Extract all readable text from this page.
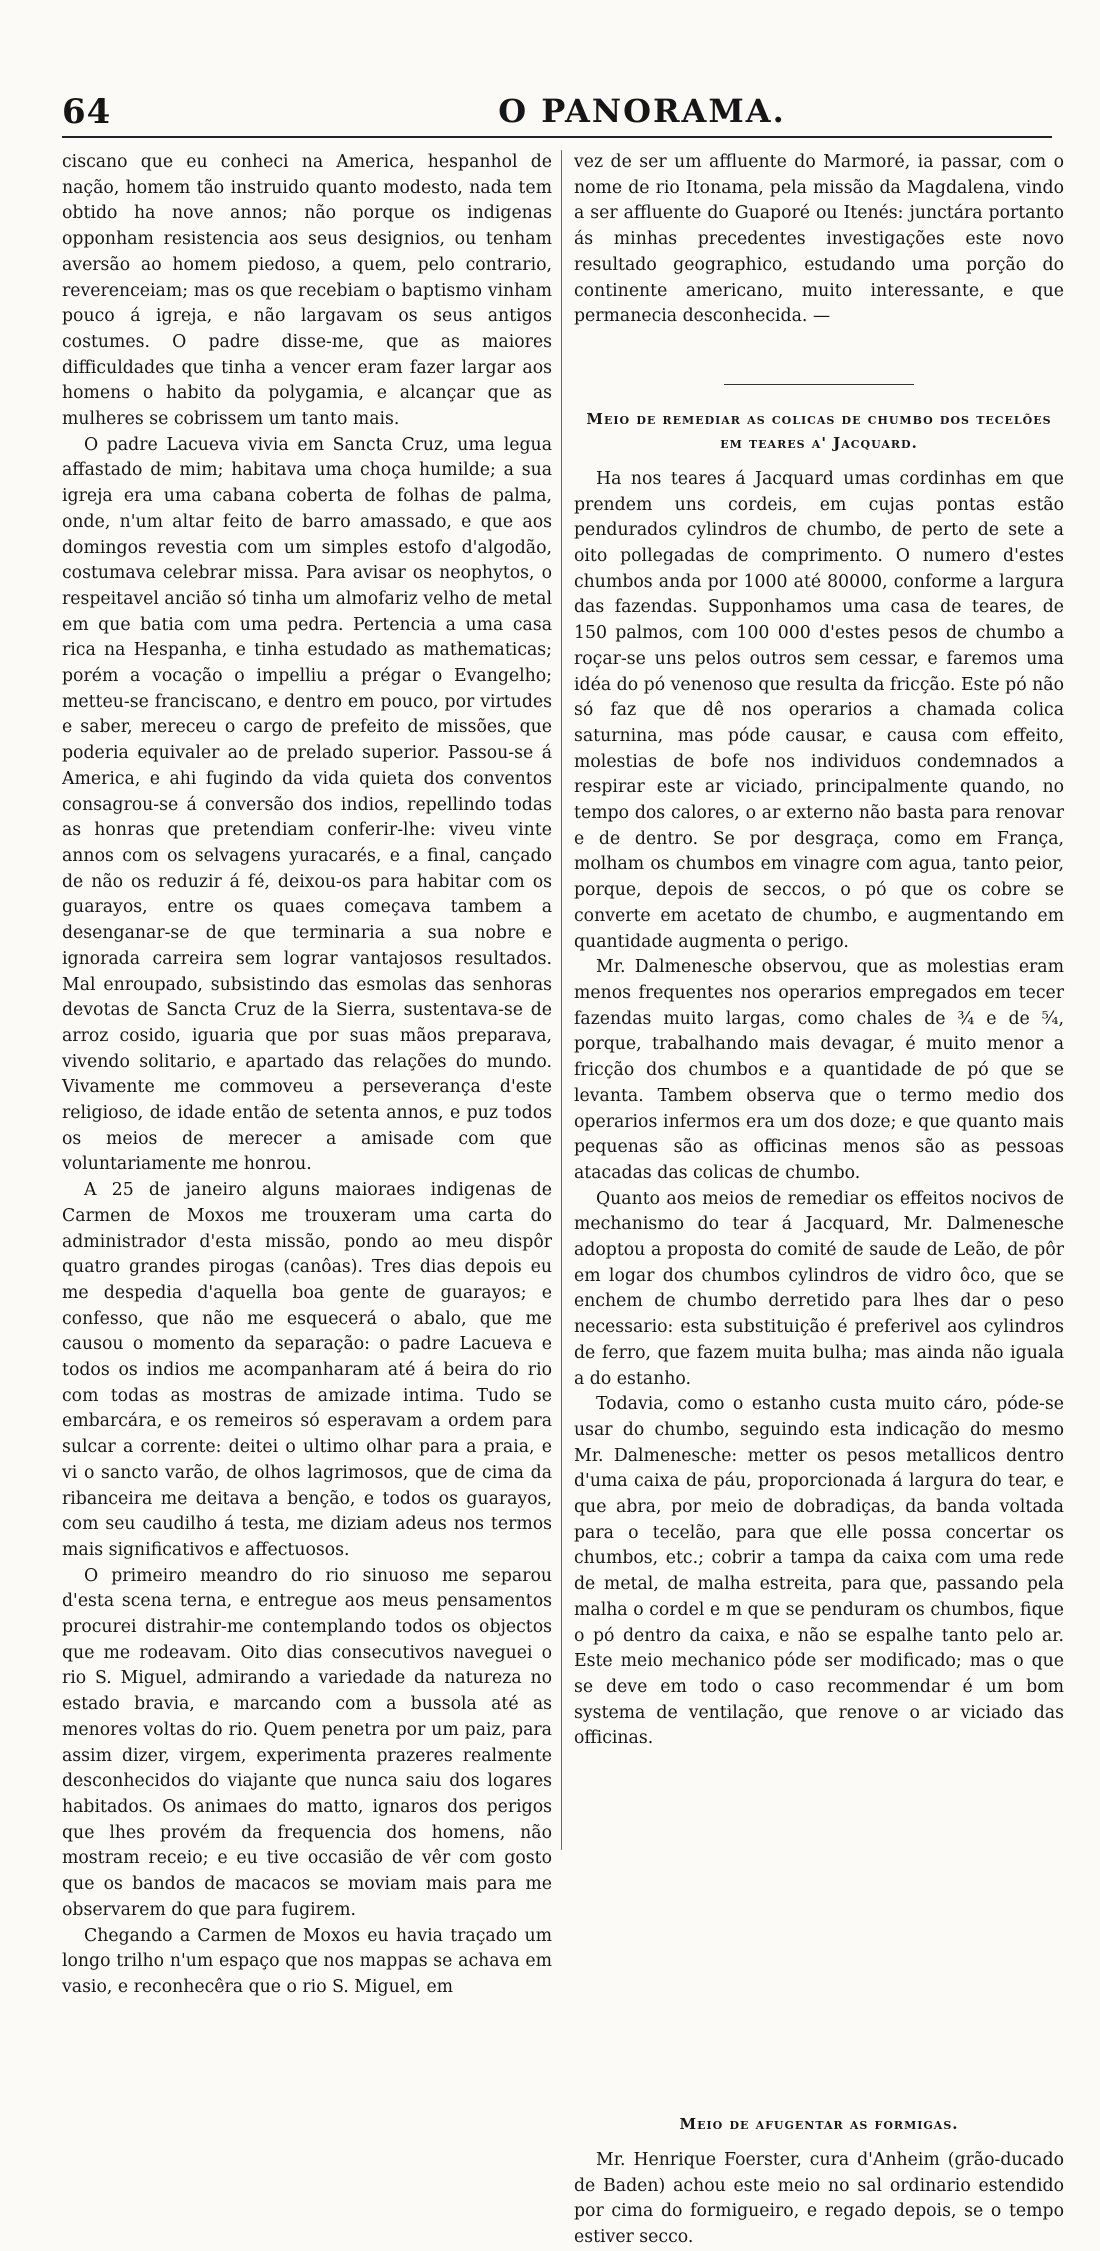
64	O PANORAMA.

ciscano que eu conheci na America, hespanhol de nação, homem tão instruido quanto modesto, nada tem obtido ha nove annos; não porque os indigenas opponham resistencia aos seus designios, ou tenham aversão ao homem piedoso, a quem, pelo contrario, reverenceiam; mas os que recebiam o baptismo vinham pouco á igreja, e não largavam os seus antigos costumes. O padre disse-me, que as maiores difficuldades que tinha a vencer eram fazer largar aos homens o habito da polygamia, e alcançar que as mulheres se cobrissem um tanto mais.

O padre Lacueva vivia em Sancta Cruz, uma legua affastado de mim; habitava uma choça humilde; a sua igreja era uma cabana coberta de folhas de palma, onde, n'um altar feito de barro amassado, e que aos domingos revestia com um simples estofo d'algodão, costumava celebrar missa. Para avisar os neophytos, o respeitavel ancião só tinha um almofariz velho de metal em que batia com uma pedra. Pertencia a uma casa rica na Hespanha, e tinha estudado as mathematicas; porém a vocação o impelliu a prégar o Evangelho; metteu-se franciscano, e dentro em pouco, por virtudes e saber, mereceu o cargo de prefeito de missões, que poderia equivaler ao de prelado superior. Passou-se á America, e ahi fugindo da vida quieta dos conventos consagrou-se á conversão dos indios, repellindo todas as honras que pretendiam conferir-lhe: viveu vinte annos com os selvagens yuracarés, e a final, cançado de não os reduzir á fé, deixou-os para habitar com os guarayos, entre os quaes começava tambem a desenganar-se de que terminaria a sua nobre e ignorada carreira sem lograr vantajosos resultados. Mal enroupado, subsistindo das esmolas das senhoras devotas de Sancta Cruz de la Sierra, sustentava-se de arroz cosido, iguaria que por suas mãos preparava, vivendo solitario, e apartado das relações do mundo. Vivamente me commoveu a perseverança d'este religioso, de idade então de setenta annos, e puz todos os meios de merecer a amisade com que voluntariamente me honrou.

A 25 de janeiro alguns maioraes indigenas de Carmen de Moxos me trouxeram uma carta do administrador d'esta missão, pondo ao meu dispôr quatro grandes pirogas (canôas). Tres dias depois eu me despedia d'aquella boa gente de guarayos; e confesso, que não me esquecerá o abalo, que me causou o momento da separação: o padre Lacueva e todos os indios me acompanharam até á beira do rio com todas as mostras de amizade intima. Tudo se embarcára, e os remeiros só esperavam a ordem para sulcar a corrente: deitei o ultimo olhar para a praia, e vi o sancto varão, de olhos lagrimosos, que de cima da ribanceira me deitava a benção, e todos os guarayos, com seu caudilho á testa, me diziam adeus nos termos mais significativos e affectuosos.

O primeiro meandro do rio sinuoso me separou d'esta scena terna, e entregue aos meus pensamentos procurei distrahir-me contemplando todos os objectos que me rodeavam. Oito dias consecutivos naveguei o rio S. Miguel, admirando a variedade da natureza no estado bravia, e marcando com a bussola até as menores voltas do rio. Quem penetra por um paiz, para assim dizer, virgem, experimenta prazeres realmente desconhecidos do viajante que nunca saiu dos logares habitados. Os animaes do matto, ignaros dos perigos que lhes provém da frequencia dos homens, não mostram receio; e eu tive occasião de vêr com gosto que os bandos de macacos se moviam mais para me observarem do que para fugirem.

Chegando a Carmen de Moxos eu havia traçado um longo trilho n'um espaço que nos mappas se achava em vasio, e reconhecêra que o rio S. Miguel, em

vez de ser um affluente do Marmoré, ia passar, com o nome de rio Itonama, pela missão da Magdalena, vindo a ser affluente do Guaporé ou Itenés: junctára portanto ás minhas precedentes investigações este novo resultado geographico, estudando uma porção do continente americano, muito interessante, e que permanecia desconhecida. —

Meio de remediar as colicas de chumbo dos tecelões em teares a' Jacquard.

Ha nos teares á Jacquard umas cordinhas em que prendem uns cordeis, em cujas pontas estão pendurados cylindros de chumbo, de perto de sete a oito pollegadas de comprimento. O numero d'estes chumbos anda por 1000 até 80000, conforme a largura das fazendas. Supponhamos uma casa de teares, de 150 palmos, com 100 000 d'estes pesos de chumbo a roçar-se uns pelos outros sem cessar, e faremos uma idéa do pó venenoso que resulta da fricção. Este pó não só faz que dê nos operarios a chamada colica saturnina, mas póde causar, e causa com effeito, molestias de bofe nos individuos condemnados a respirar este ar viciado, principalmente quando, no tempo dos calores, o ar externo não basta para renovar e de dentro. Se por desgraça, como em França, molham os chumbos em vinagre com agua, tanto peior, porque, depois de seccos, o pó que os cobre se converte em acetato de chumbo, e augmentando em quantidade augmenta o perigo.

Mr. Dalmenesche observou, que as molestias eram menos frequentes nos operarios empregados em tecer fazendas muito largas, como chales de ¾ e de ⁵⁄₄, porque, trabalhando mais devagar, é muito menor a fricção dos chumbos e a quantidade de pó que se levanta. Tambem observa que o termo medio dos operarios infermos era um dos doze; e que quanto mais pequenas são as officinas menos são as pessoas atacadas das colicas de chumbo.

Quanto aos meios de remediar os effeitos nocivos de mechanismo do tear á Jacquard, Mr. Dalmenesche adoptou a proposta do comité de saude de Leão, de pôr em logar dos chumbos cylindros de vidro ôco, que se enchem de chumbo derretido para lhes dar o peso necessario: esta substituição é preferivel aos cylindros de ferro, que fazem muita bulha; mas ainda não iguala a do estanho.

Todavia, como o estanho custa muito cáro, póde-se usar do chumbo, seguindo esta indicação do mesmo Mr. Dalmenesche: metter os pesos metallicos dentro d'uma caixa de páu, proporcionada á largura do tear, e que abra, por meio de dobradiças, da banda voltada para o tecelão, para que elle possa concertar os chumbos, etc.; cobrir a tampa da caixa com uma rede de metal, de malha estreita, para que, passando pela malha o cordel e m que se penduram os chumbos, fique o pó dentro da caixa, e não se espalhe tanto pelo ar. Este meio mechanico póde ser modificado; mas o que se deve em todo o caso recommendar é um bom systema de ventilação, que renove o ar viciado das officinas.

Meio de afugentar as formigas.

Mr. Henrique Foerster, cura d'Anheim (grão-ducado de Baden) achou este meio no sal ordinario estendido por cima do formigueiro, e regado depois, se o tempo estiver secco.
